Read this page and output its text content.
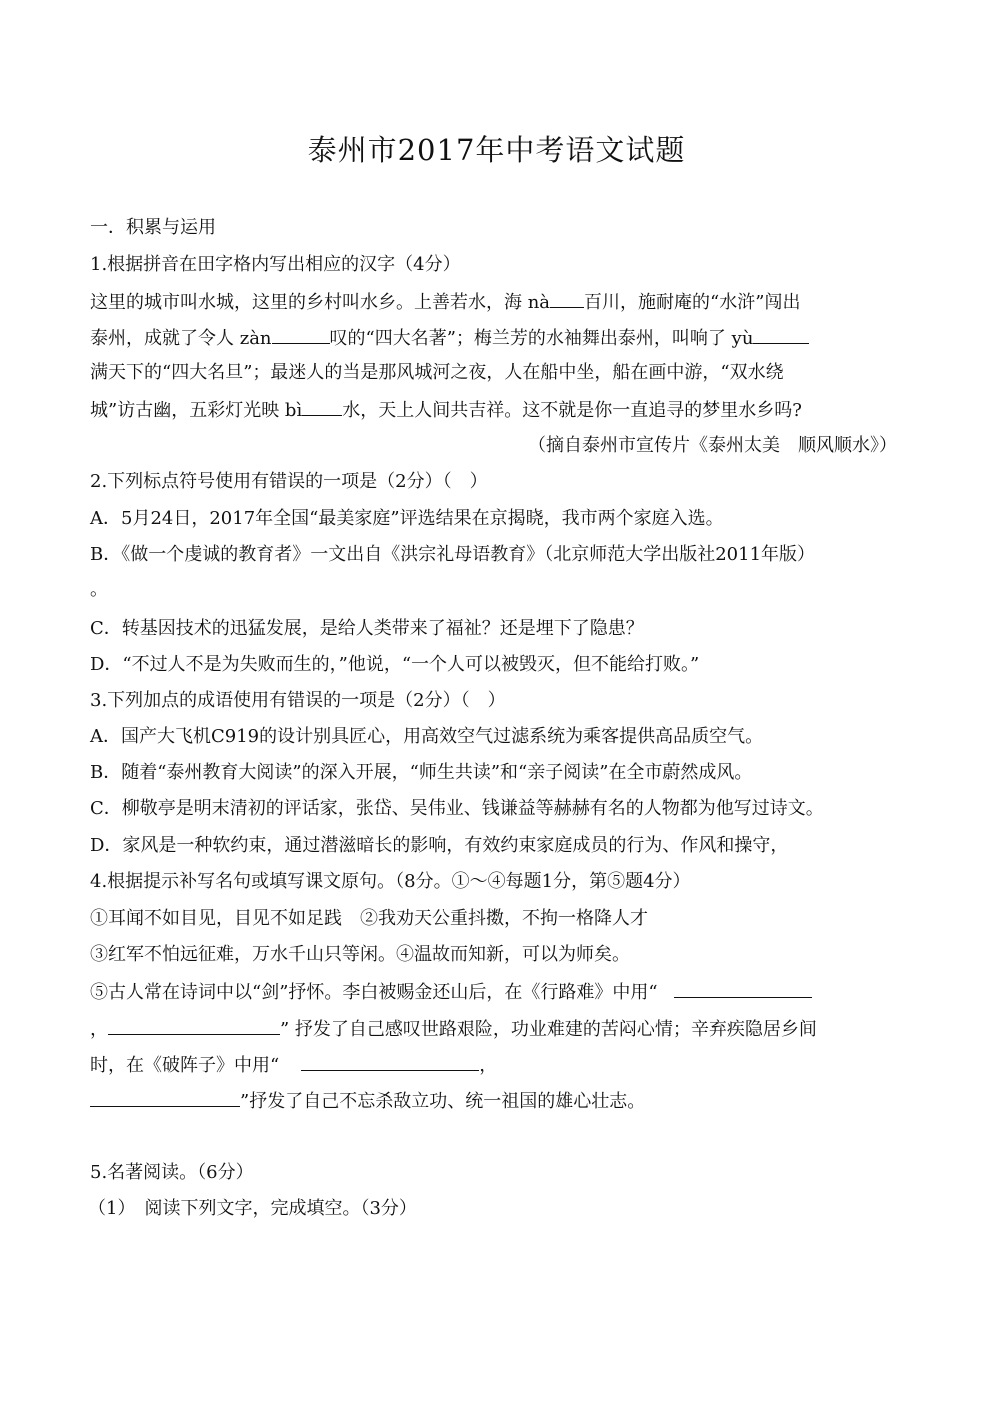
泰州市2017年中考语文试题
一．积累与运用
1.根据拼音在田字格内写出相应的汉字（4分）
这里的城市叫水城，这里的乡村叫水乡。上善若水，海 nà 百川，施耐庵的“水浒”闯出
泰州，成就了令人 zàn	叹的“四大名著”；梅兰芳的水袖舞出泰州，叫响了 yù
满天下的“四大名旦”；最迷人的当是那风城河之夜，人在船中坐，船在画中游，“双水绕
城”访古幽，五彩灯光映 bì 水，天上人间共吉祥。这不就是你一直追寻的梦里水乡吗?
（摘自泰州市宣传片《泰州太美　顺风顺水》）
2.下列标点符号使用有错误的一项是（2分）（　）
A．5月24日，2017年全国“最美家庭”评选结果在京揭晓，我市两个家庭入选。
B．《做一个虔诚的教育者》一文出自《洪宗礼母语教育》（北京师范大学出版社2011年版）
。
C．转基因技术的迅猛发展，是给人类带来了福祉？还是埋下了隐患？
D．“不过人不是为失败而生的，”他说，“一个人可以被毁灭，但不能给打败。”
3.下列加点的成语使用有错误的一项是（2分）（　）
A．国产大飞机C919的设计别具匠心，用高效空气过滤系统为乘客提供高品质空气。
B．随着“泰州教育大阅读”的深入开展，“师生共读”和“亲子阅读”在全市蔚然成风。
C．柳敬亭是明末清初的评话家，张岱、吴伟业、钱谦益等赫赫有名的人物都为他写过诗文。
D．家风是一种软约束，通过潜滋暗长的影响，有效约束家庭成员的行为、作风和操守，
4.根据提示补写名句或填写课文原句。（8分。①～④每题1分，第⑤题4分）
①耳闻不如目见，目见不如足践　②我劝天公重抖擞，不拘一格降人才
③红军不怕远征难，万水千山只等闲。④温故而知新，可以为师矣。
⑤古人常在诗词中以“剑”抒怀。李白被赐金还山后，在《行路难》中用“
，	” 抒发了自己感叹世路艰险，功业难建的苦闷心情；辛弃疾隐居乡间
时，在《破阵子》中用“	，
”抒发了自己不忘杀敌立功、统一祖国的雄心壮志。
5.名著阅读。（6分）
（1）　阅读下列文字，完成填空。（3分）
